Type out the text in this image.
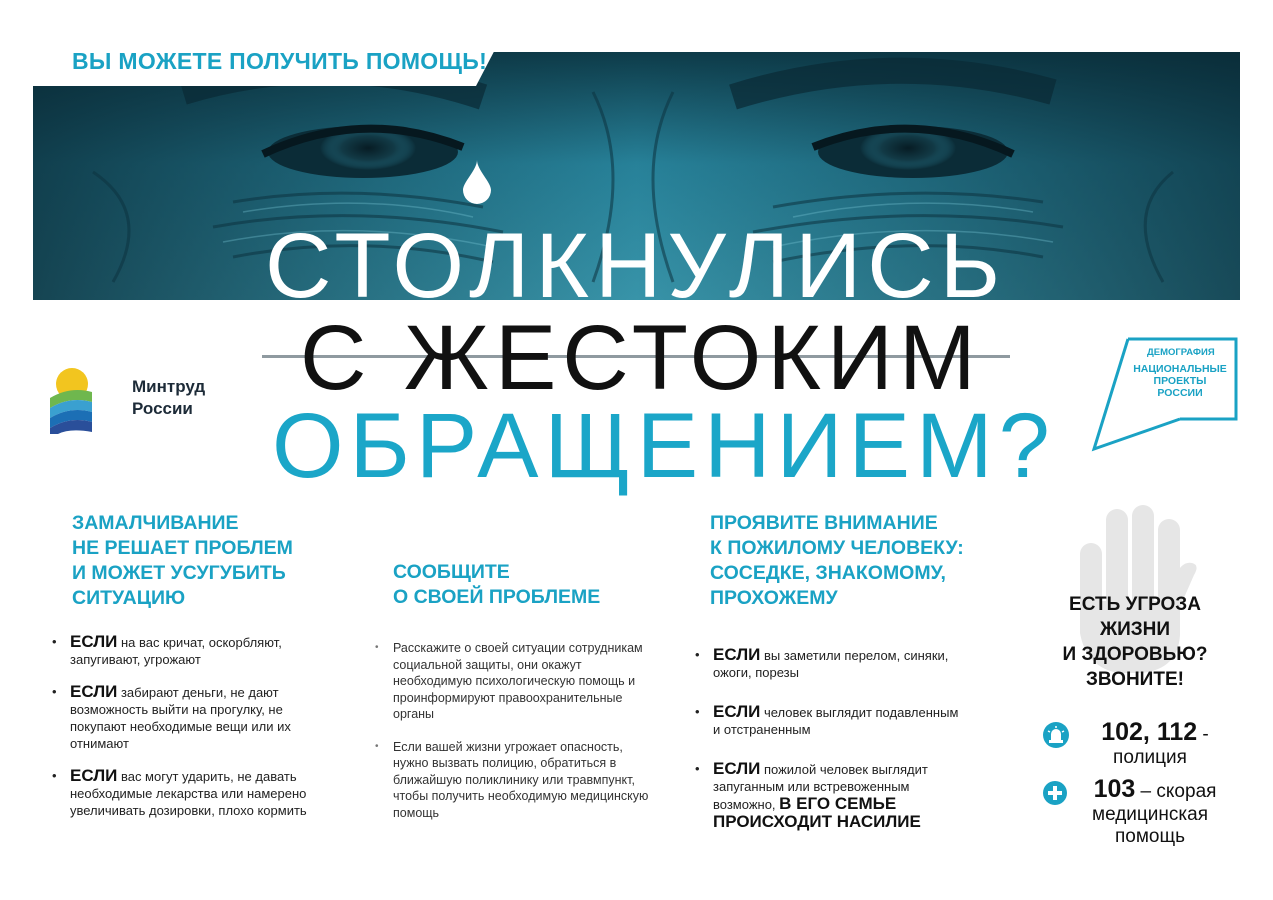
ВЫ МОЖЕТЕ ПОЛУЧИТЬ ПОМОЩЬ!
СТОЛКНУЛИСЬ
С ЖЕСТОКИМ
ОБРАЩЕНИЕМ?
Минтруд
России
ДЕМОГРАФИЯ
НАЦИОНАЛЬНЫЕ
ПРОЕКТЫ
РОССИИ
ЗАМАЛЧИВАНИЕ
НЕ РЕШАЕТ ПРОБЛЕМ
И МОЖЕТ УСУГУБИТЬ
СИТУАЦИЮ
• ЕСЛИ на вас кричат, оскорбляют, запугивают, угрожают
• ЕСЛИ забирают деньги, не дают возможность выйти на прогулку, не покупают необходимые вещи или их отнимают
• ЕСЛИ вас могут ударить, не давать необходимые лекарства или намерено увеличивать дозировки, плохо кормить
СООБЩИТЕ
О СВОЕЙ ПРОБЛЕМЕ
• Расскажите о своей ситуации сотрудникам социальной защиты, они окажут необходимую психологическую помощь и проинформируют правоохранительные органы
• Если вашей жизни угрожает опасность, нужно вызвать полицию, обратиться в ближайшую поликлинику или травмпункт, чтобы получить необходимую медицинскую помощь
ПРОЯВИТЕ ВНИМАНИЕ
К ПОЖИЛОМУ ЧЕЛОВЕКУ:
СОСЕДКЕ, ЗНАКОМОМУ,
ПРОХОЖЕМУ
• ЕСЛИ вы заметили перелом, синяки, ожоги, порезы
• ЕСЛИ человек выглядит подавленным и отстраненным
• ЕСЛИ пожилой человек выглядит запуганным или встревоженным возможно, В ЕГО СЕМЬЕ ПРОИСХОДИТ НАСИЛИЕ
ЕСТЬ УГРОЗА
ЖИЗНИ
И ЗДОРОВЬЮ?
ЗВОНИТЕ!
102, 112 -
полиция
103 – скорая
медицинская
помощь
